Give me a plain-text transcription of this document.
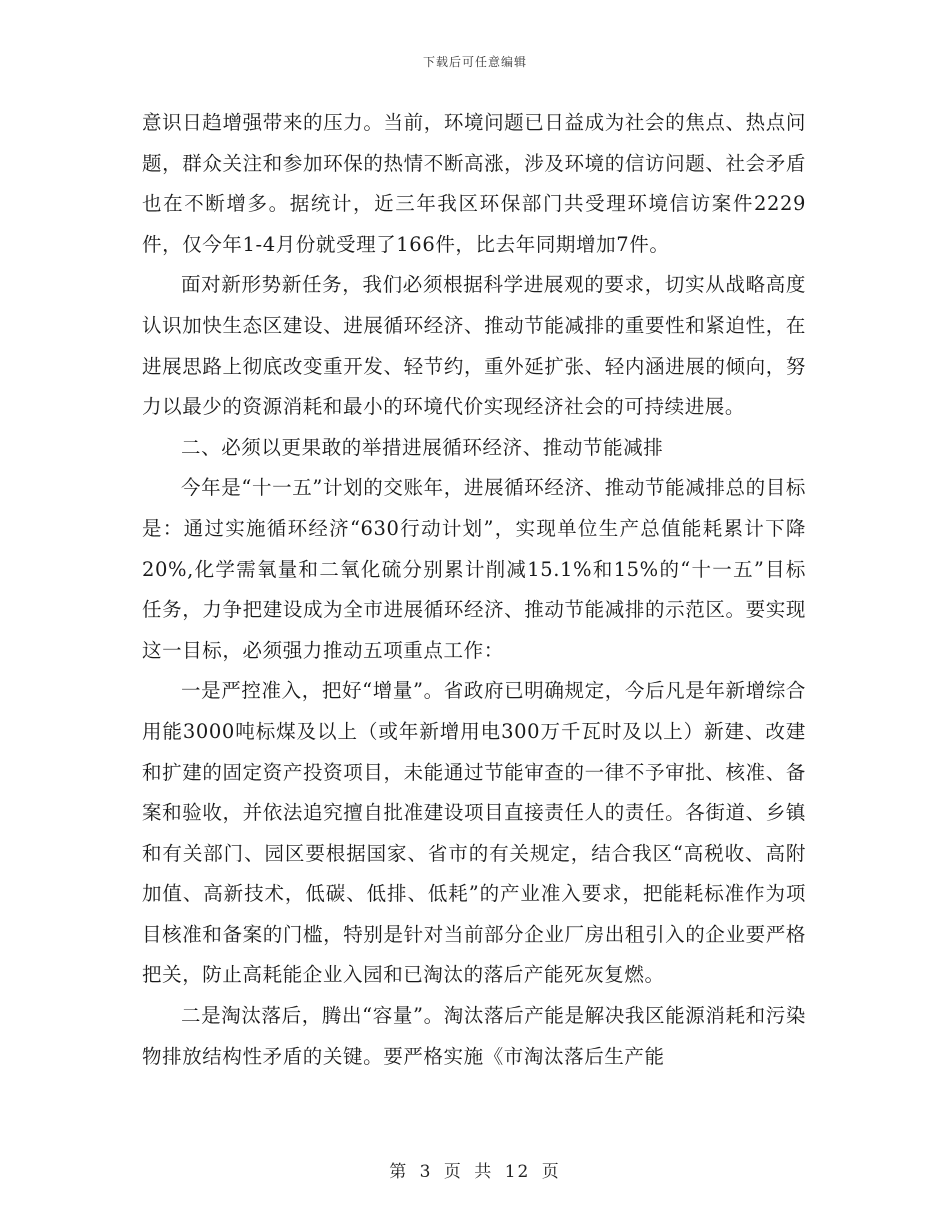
下载后可任意编辑

意识日趋增强带来的压力。当前，环境问题已日益成为社会的焦点、热点问题，群众关注和参加环保的热情不断高涨，涉及环境的信访问题、社会矛盾也在不断增多。据统计，近三年我区环保部门共受理环境信访案件2229件，仅今年1-4月份就受理了166件，比去年同期增加7件。

面对新形势新任务，我们必须根据科学进展观的要求，切实从战略高度认识加快生态区建设、进展循环经济、推动节能减排的重要性和紧迫性，在进展思路上彻底改变重开发、轻节约，重外延扩张、轻内涵进展的倾向，努力以最少的资源消耗和最小的环境代价实现经济社会的可持续进展。

二、必须以更果敢的举措进展循环经济、推动节能减排

今年是“十一五”计划的交账年，进展循环经济、推动节能减排总的目标是：通过实施循环经济“630行动计划”，实现单位生产总值能耗累计下降20%,化学需氧量和二氧化硫分别累计削减15.1%和15%的“十一五”目标任务，力争把建设成为全市进展循环经济、推动节能减排的示范区。要实现这一目标，必须强力推动五项重点工作：

一是严控准入，把好“增量”。省政府已明确规定，今后凡是年新增综合用能3000吨标煤及以上（或年新增用电300万千瓦时及以上）新建、改建和扩建的固定资产投资项目，未能通过节能审查的一律不予审批、核准、备案和验收，并依法追究擅自批准建设项目直接责任人的责任。各街道、乡镇和有关部门、园区要根据国家、省市的有关规定，结合我区“高税收、高附加值、高新技术，低碳、低排、低耗”的产业准入要求，把能耗标准作为项目核准和备案的门槛，特别是针对当前部分企业厂房出租引入的企业要严格把关，防止高耗能企业入园和已淘汰的落后产能死灰复燃。

二是淘汰落后，腾出“容量”。淘汰落后产能是解决我区能源消耗和污染物排放结构性矛盾的关键。要严格实施《市淘汰落后生产能

第 3 页 共 12 页
